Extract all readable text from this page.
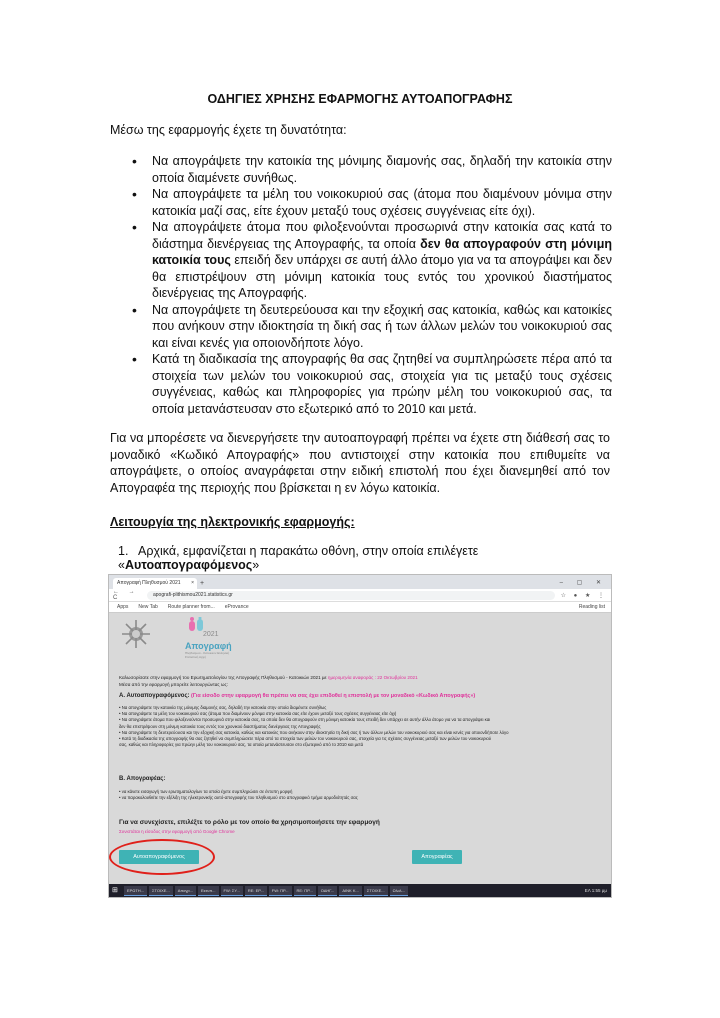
ΟΔΗΓΙΕΣ ΧΡΗΣΗΣ ΕΦΑΡΜΟΓΗΣ ΑΥΤΟΑΠΟΓΡΑΦΗΣ
Μέσω της εφαρμογής έχετε τη δυνατότητα:
• Να απογράψετε την κατοικία της μόνιμης διαμονής σας, δηλαδή την κατοικία στην οποία διαμένετε συνήθως.
• Να απογράψετε τα μέλη του νοικοκυριού σας (άτομα που διαμένουν μόνιμα στην κατοικία μαζί σας, είτε έχουν μεταξύ τους σχέσεις συγγένειας είτε όχι).
• Να απογράψετε άτομα που φιλοξενούνται προσωρινά στην κατοικία σας κατά το διάστημα διενέργειας της Απογραφής, τα οποία δεν θα απογραφούν στη μόνιμη κατοικία τους επειδή δεν υπάρχει σε αυτή άλλο άτομο για να τα απογράψει και δεν θα επιστρέψουν στη μόνιμη κατοικία τους εντός του χρονικού διαστήματος διενέργειας της Απογραφής.
• Να απογράψετε τη δευτερεύουσα και την εξοχική σας κατοικία, καθώς και κατοικίες που ανήκουν στην ιδιοκτησία τη δική σας ή των άλλων μελών του νοικοκυριού σας και είναι κενές για οποιονδήποτε λόγο.
• Κατά τη διαδικασία της απογραφής θα σας ζητηθεί να συμπληρώσετε πέρα από τα στοιχεία των μελών του νοικοκυριού σας, στοιχεία για τις μεταξύ τους σχέσεις συγγένειας, καθώς και πληροφορίες για πρώην μέλη του νοικοκυριού σας, τα οποία μετανάστευσαν στο εξωτερικό από το 2010 και μετά.
Για να μπορέσετε να διενεργήσετε την αυτοαπογραφή πρέπει να έχετε στη διάθεσή σας το μοναδικό «Κωδικό Απογραφής» που αντιστοιχεί στην κατοικία που επιθυμείτε να απογράψετε, ο οποίος αναγράφεται στην ειδική επιστολή που έχει διανεμηθεί από τον Απογραφέα της περιοχής που βρίσκεται η εν λόγω κατοικία.
Λειτουργία της ηλεκτρονικής εφαρμογής:
1. Αρχικά, εμφανίζεται η παρακάτω οθόνη, στην οποία επιλέγετε «Αυτοαπογραφόμενος»
Απογραφή Πληθυσμού 2021 × +	– ▢ ✕
← → C
apografi-plithismou2021.statistics.gr	☆ ● ★ ⋮
Apps New Tab Route planner from... eProvance	Reading list
2021
Απογραφή
Πληθυσμού - Κατοικιών Ελληνική Στατιστική Αρχή
Καλωσορίσατε στην εφαρμογή του Ερωτηματολογίου της Απογραφής Πληθυσμού - Κατοικιών 2021 με ημερομηνία αναφοράς : 22 Οκτωβρίου 2021
Μέσα από την εφαρμογή μπορείτε λειτουργώντας ως:
Α. Αυτοαπογραφόμενος: (Για είσοδο στην εφαρμογή θα πρέπει να σας έχει επιδοθεί η επιστολή με τον μοναδικό «Κωδικό Απογραφής»)
• Να απογράψετε την κατοικία της μόνιμης διαμονής σας, δηλαδή την κατοικία στην οποία διαμένετε συνήθως
• Να απογράψετε τα μέλη του νοικοκυριού σας (άτομα που διαμένουν μόνιμα στην κατοικία σας είτε έχουν μεταξύ τους σχέσεις συγγένειας είτε όχι)
• Να απογράψετε άτομα που φιλοξενούνται προσωρινά στην κατοικία σας, τα οποία δεν θα απογραφούν στη μόνιμη κατοικία τους επειδή δεν υπάρχει σε αυτήν άλλο άτομο για να τα απογράψει και
δεν θα επιστρέψουν στη μόνιμη κατοικία τους εντός του χρονικού διαστήματος διενέργειας της Απογραφής
• Να απογράψετε τη δευτερεύουσα και την εξοχική σας κατοικία, καθώς και κατοικίες που ανήκουν στην ιδιοκτησία τη δική σας ή των άλλων μελών του νοικοκυριού σας και είναι κενές για οποιονδήποτε λόγο
• Κατά τη διαδικασία της απογραφής θα σας ζητηθεί να συμπληρώσετε πέρα από τα στοιχεία των μελών του νοικοκυριού σας, στοιχεία για τις σχέσεις συγγένειας μεταξύ των μελών του νοικοκυριού
σας, καθώς και πληροφορίες για πρώην μέλη του νοικοκυριού σας, τα οποία μετανάστευσαν στο εξωτερικό από το 2010 και μετά
Β. Απογραφέας:
• να κάνετε εισαγωγή των ερωτηματολογίων τα οποία έχετε συμπληρώσει σε έντυπη μορφή
• να παρακολουθείτε την εξέλιξη της ηλεκτρονικής αυτό-απογραφής του πληθυσμού στο απογραφικό τμήμα αρμοδιότητάς σας
Για να συνεχίσετε, επιλέξτε το ρόλο με τον οποίο θα χρησιμοποιήσετε την εφαρμογή
Συνιστάται η είσοδος στην εφαρμογή από Google Chrome
Αυτοαπογραφόμενος	Απογραφέας
⊞	ΕΡΩΤΗ...	ΣΤΟΙΧΕ...	Απογρ...	Εκτυπ...	FW: ΣΥ...	RE: ΕΡ...	FW: ΠΡ...	RE: ΠΡ...	ΟΔΗΓ...	ΑΙΝΚ Κ...	ΣΤΟΙΧΕ...	Ωλολ...	ΕΛ 1:55 μμ
